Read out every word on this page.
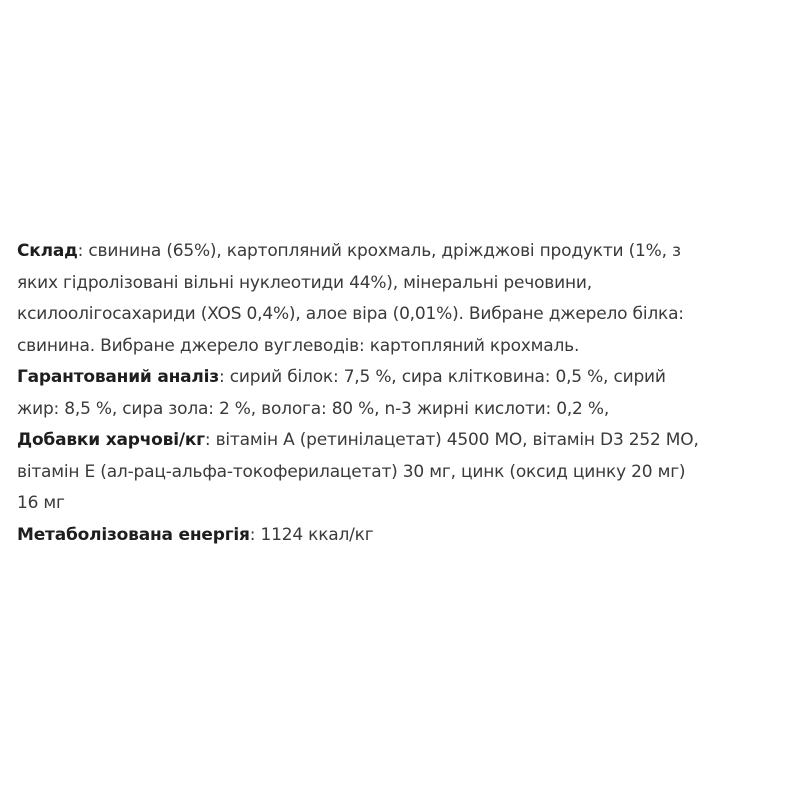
Склад: свинина (65%), картопляний крохмаль, дріжджові продукти (1%, з
яких гідролізовані вільні нуклеотиди 44%), мінеральні речовини,
ксилоолігосахариди (XOS 0,4%), алое віра (0,01%). Вибране джерело білка:
свинина. Вибране джерело вуглеводів: картопляний крохмаль.
Гарантований аналіз: сирий білок: 7,5 %, сира клітковина: 0,5 %, сирий
жир: 8,5 %, сира зола: 2 %, волога: 80 %, n-3 жирні кислоти: 0,2 %,
Добавки харчові/кг: вітамін A (ретинілацетат) 4500 МО, вітамін D3 252 МО,
вітамін E (ал-рац-альфа-токоферилацетат) 30 мг, цинк (оксид цинку 20 мг)
16 мг
Метаболізована енергія: 1124 ккал/кг
